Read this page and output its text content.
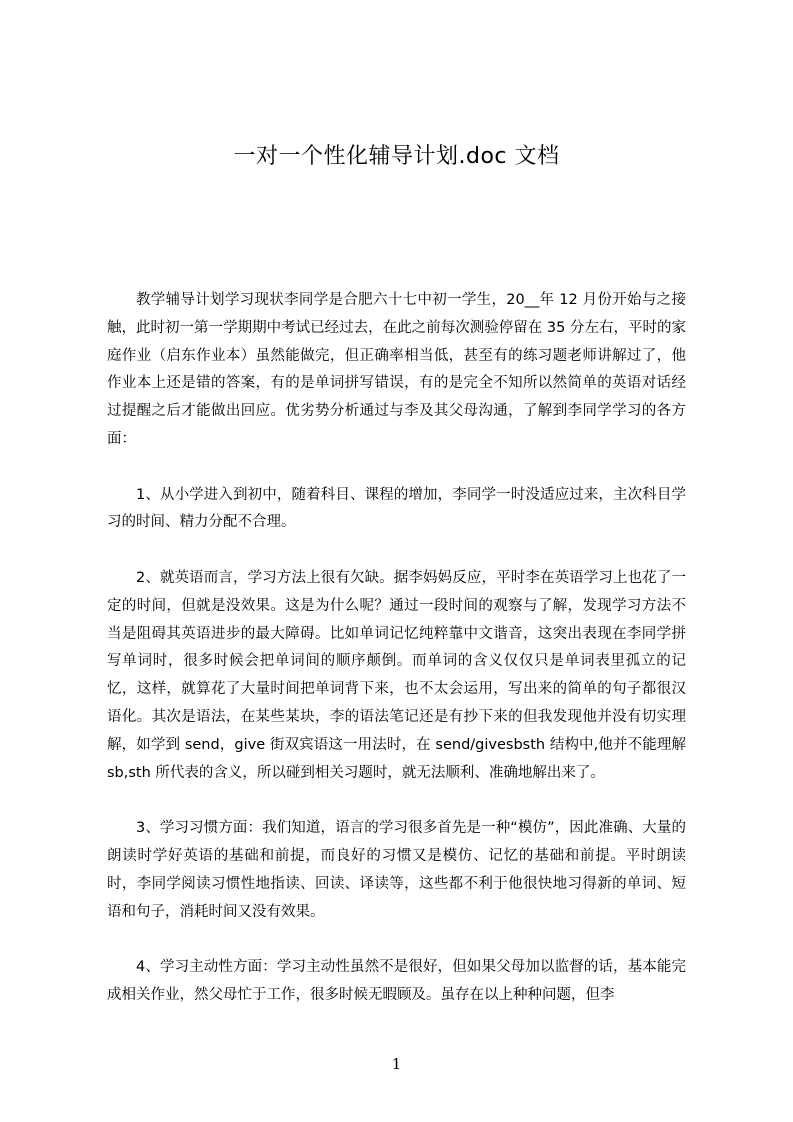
一对一个性化辅导计划.doc 文档

教学辅导计划学习现状李同学是合肥六十七中初一学生，20__年 12 月份开始与之接触，此时初一第一学期期中考试已经过去，在此之前每次测验停留在 35 分左右，平时的家庭作业（启东作业本）虽然能做完，但正确率相当低，甚至有的练习题老师讲解过了，他作业本上还是错的答案，有的是单词拼写错误，有的是完全不知所以然简单的英语对话经过提醒之后才能做出回应。优劣势分析通过与李及其父母沟通，了解到李同学学习的各方面：

1、从小学进入到初中，随着科目、课程的增加，李同学一时没适应过来，主次科目学习的时间、精力分配不合理。

2、就英语而言，学习方法上很有欠缺。据李妈妈反应，平时李在英语学习上也花了一定的时间，但就是没效果。这是为什么呢？通过一段时间的观察与了解，发现学习方法不当是阻碍其英语进步的最大障碍。比如单词记忆纯粹靠中文谐音，这突出表现在李同学拼写单词时，很多时候会把单词间的顺序颠倒。而单词的含义仅仅只是单词表里孤立的记忆，这样，就算花了大量时间把单词背下来，也不太会运用，写出来的简单的句子都很汉语化。其次是语法，在某些某块，李的语法笔记还是有抄下来的但我发现他并没有切实理解，如学到 send，give 街双宾语这一用法时，在 send/givesbsth 结构中,他并不能理解 sb,sth 所代表的含义，所以碰到相关习题时，就无法顺利、准确地解出来了。

3、学习习惯方面：我们知道，语言的学习很多首先是一种“模仿”，因此准确、大量的朗读时学好英语的基础和前提，而良好的习惯又是模仿、记忆的基础和前提。平时朗读时，李同学阅读习惯性地指读、回读、译读等，这些都不利于他很快地习得新的单词、短语和句子，消耗时间又没有效果。

4、学习主动性方面：学习主动性虽然不是很好，但如果父母加以监督的话，基本能完成相关作业，然父母忙于工作，很多时候无暇顾及。虽存在以上种种问题，但李

1
